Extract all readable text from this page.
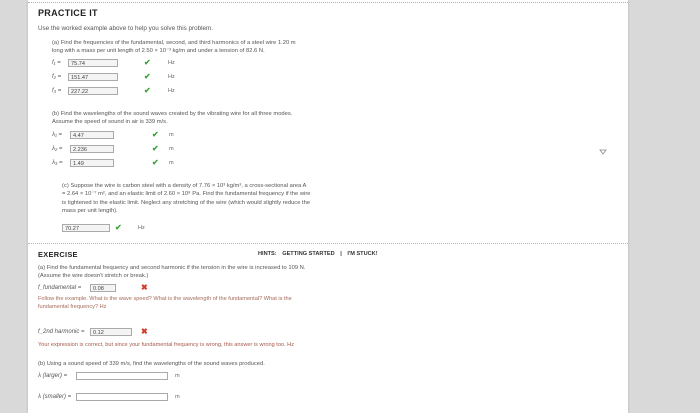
PRACTICE IT
Use the worked example above to help you solve this problem.
(a) Find the frequencies of the fundamental, second, and third harmonics of a steel wire 1.20 m
long with a mass per unit length of 2.50 × 10⁻³ kg/m and under a tension of 82.6 N.
f₁ =	75.74	✔	Hz
f₂ =	151.47	✔	Hz
f₃ =	227.22	✔	Hz
(b) Find the wavelengths of the sound waves created by the vibrating wire for all three modes.
Assume the speed of sound in air is 339 m/s.
λ₁ =	4.47	✔ m
λ₂ =	2.236	✔ m
λ₃ =	1.49	✔ m
(c) Suppose the wire is carbon steel with a density of 7.76 × 10³ kg/m³, a cross-sectional area A
= 2.64 × 10⁻⁷ m², and an elastic limit of 2.60 × 10⁸ Pa. Find the fundamental frequency if the wire
is tightened to the elastic limit. Neglect any stretching of the wire (which would slightly reduce the
mass per unit length).
70.27	✔	Hz
EXERCISE	HINTS: GETTING STARTED | I'M STUCK!
(a) Find the fundamental frequency and second harmonic if the tension in the wire is increased to 109 N.
(Assume the wire doesn't stretch or break.)
f_fundamental =	0.08	✖
Follow the example. What is the wave speed? What is the wavelength of the fundamental? What is the
fundamental frequency? Hz
f_2nd harmonic =	0.12	✖
Your expression is correct, but since your fundamental frequency is wrong, this answer is wrong too. Hz
(b) Using a sound speed of 339 m/s, find the wavelengths of the sound waves produced.
λ (larger) =	m
λ (smaller) =	m
